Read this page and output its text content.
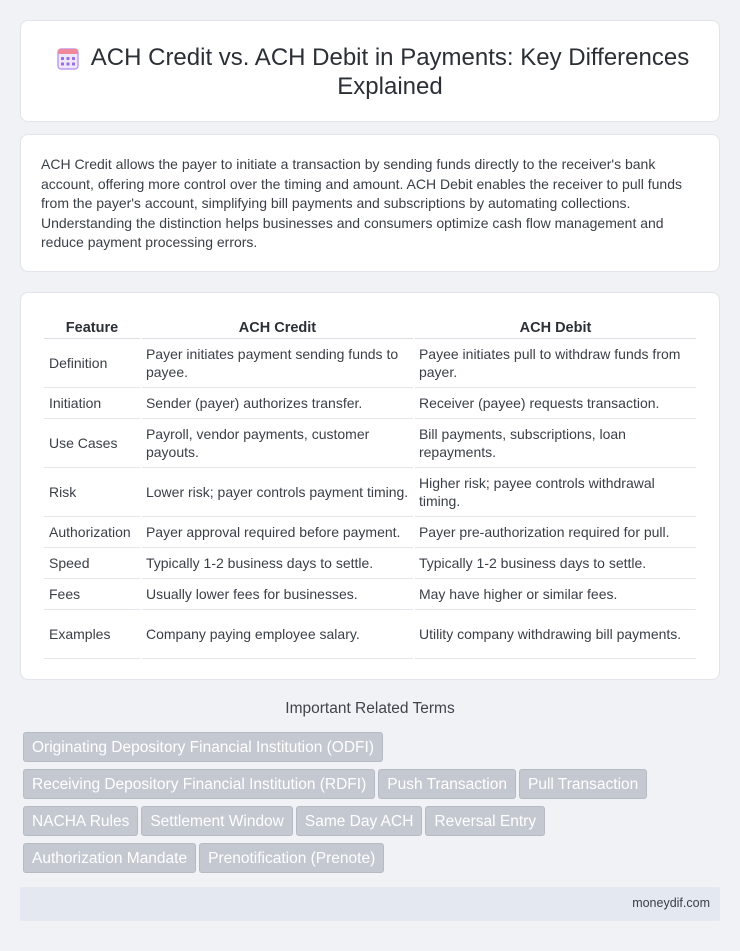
ACH Credit vs. ACH Debit in Payments: Key Differences Explained

ACH Credit allows the payer to initiate a transaction by sending funds directly to the receiver's bank account, offering more control over the timing and amount. ACH Debit enables the receiver to pull funds from the payer's account, simplifying bill payments and subscriptions by automating collections. Understanding the distinction helps businesses and consumers optimize cash flow management and reduce payment processing errors.

Feature	ACH Credit	ACH Debit
Definition	Payer initiates payment sending funds to payee.	Payee initiates pull to withdraw funds from payer.
Initiation	Sender (payer) authorizes transfer.	Receiver (payee) requests transaction.
Use Cases	Payroll, vendor payments, customer payouts.	Bill payments, subscriptions, loan repayments.
Risk	Lower risk; payer controls payment timing.	Higher risk; payee controls withdrawal timing.
Authorization	Payer approval required before payment.	Payer pre-authorization required for pull.
Speed	Typically 1-2 business days to settle.	Typically 1-2 business days to settle.
Fees	Usually lower fees for businesses.	May have higher or similar fees.
Examples	Company paying employee salary.	Utility company withdrawing bill payments.
Important Related Terms
Originating Depository Financial Institution (ODFI)
Receiving Depository Financial Institution (RDFI) Push Transaction Pull Transaction
NACHA Rules Settlement Window Same Day ACH Reversal Entry
Authorization Mandate Prenotification (Prenote)
moneydif.com
